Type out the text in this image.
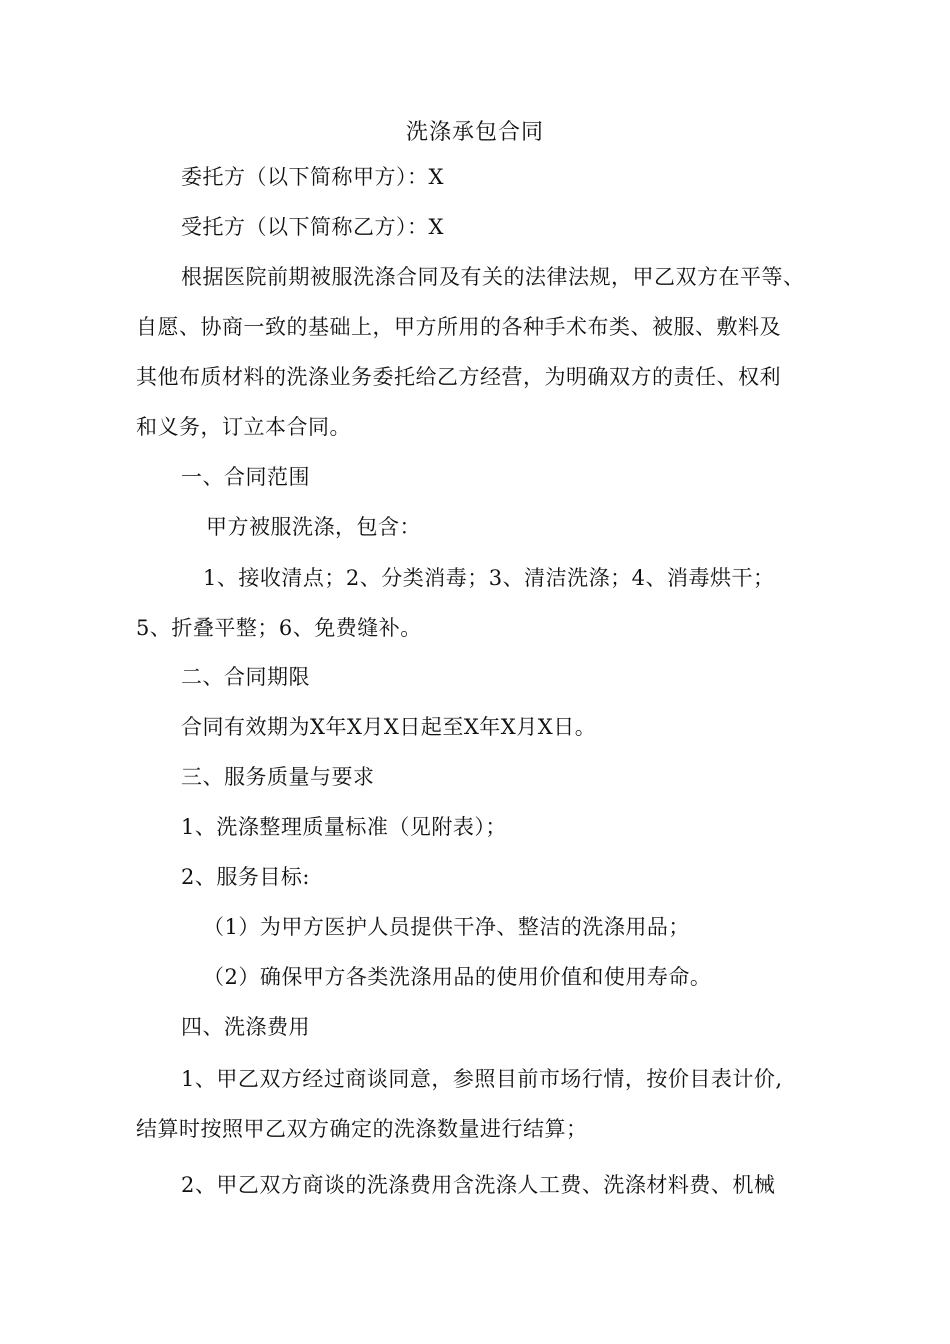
洗涤承包合同
委托方（以下简称甲方）：X
受托方（以下简称乙方）：X
根据医院前期被服洗涤合同及有关的法律法规，甲乙双方在平等、
自愿、协商一致的基础上，甲方所用的各种手术布类、被服、敷料及
其他布质材料的洗涤业务委托给乙方经营，为明确双方的责任、权利
和义务，订立本合同。
一、合同范围
甲方被服洗涤，包含：
1、接收清点；2、分类消毒；3、清洁洗涤；4、消毒烘干；
5、折叠平整；6、免费缝补。
二、合同期限
合同有效期为X年X月X日起至X年X月X日。
三、服务质量与要求
1、洗涤整理质量标准（见附表）；
2、服务目标:
（1）为甲方医护人员提供干净、整洁的洗涤用品；
（2）确保甲方各类洗涤用品的使用价值和使用寿命。
四、洗涤费用
1、甲乙双方经过商谈同意，参照目前市场行情，按价目表计价,
结算时按照甲乙双方确定的洗涤数量进行结算；
2、甲乙双方商谈的洗涤费用含洗涤人工费、洗涤材料费、机械
